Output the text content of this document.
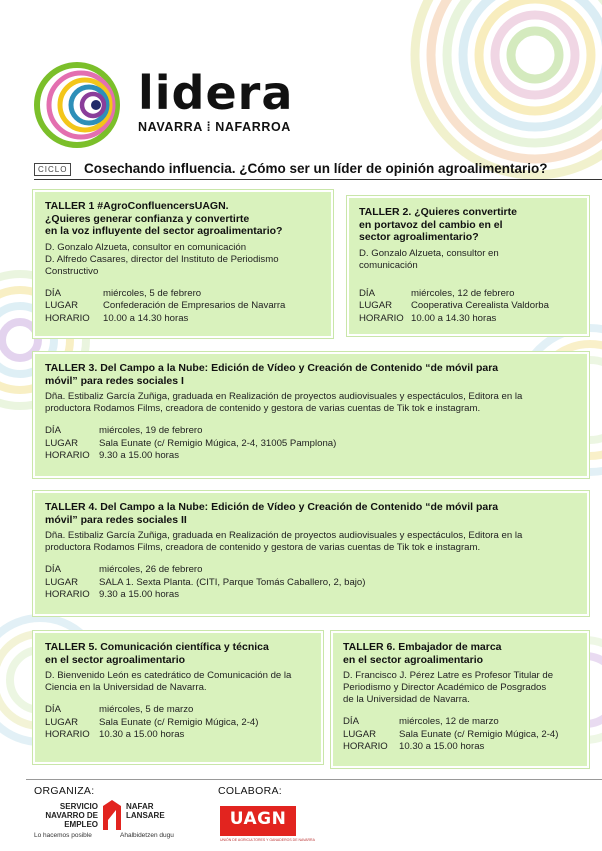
lidera
NAVARRA ⁞ NAFARROA
CICLO Cosechando influencia. ¿Cómo ser un líder de opinión agroalimentario?
TALLER 1 #AgroConfluencersUAGN.
¿Quieres generar confianza y convertirte
en la voz influyente del sector agroalimentario?
D. Gonzalo Alzueta, consultor en comunicación
D. Alfredo Casares, director del Instituto de Periodismo
Constructivo
DÍA	miércoles, 5 de febrero
LUGAR	Confederación de Empresarios de Navarra
HORARIO	10.00 a 14.30 horas
TALLER 2. ¿Quieres convertirte
en portavoz del cambio en el
sector agroalimentario?
D. Gonzalo Alzueta, consultor en
comunicación
DÍA	miércoles, 12 de febrero
LUGAR	Cooperativa Cerealista Valdorba
HORARIO 10.00 a 14.30 horas
TALLER 3. Del Campo a la Nube: Edición de Vídeo y Creación de Contenido “de móvil para
móvil” para redes sociales I
Dña. Estibaliz García Zuñiga, graduada en Realización de proyectos audiovisuales y espectáculos, Editora en la
productora Rodamos Films, creadora de contenido y gestora de varias cuentas de Tik tok e instagram.
DÍA	miércoles, 19 de febrero
LUGAR	Sala Eunate (c/ Remigio Múgica, 2-4, 31005 Pamplona)
HORARIO 9.30 a 15.00 horas
TALLER 4. Del Campo a la Nube: Edición de Vídeo y Creación de Contenido “de móvil para
móvil” para redes sociales II
Dña. Estibaliz García Zuñiga, graduada en Realización de proyectos audiovisuales y espectáculos, Editora en la
productora Rodamos Films, creadora de contenido y gestora de varias cuentas de Tik tok e instagram.
DÍA	miércoles, 26 de febrero
LUGAR	SALA 1. Sexta Planta. (CITI, Parque Tomás Caballero, 2, bajo)
HORARIO 9.30 a 15.00 horas
TALLER 5. Comunicación científica y técnica
en el sector agroalimentario
D. Bienvenido León es catedrático de Comunicación de la
Ciencia en la Universidad de Navarra.
DÍA	miércoles, 5 de marzo
LUGAR	Sala Eunate (c/ Remigio Múgica, 2-4)
HORARIO 10.30 a 15.00 horas
TALLER 6. Embajador de marca
en el sector agroalimentario
D. Francisco J. Pérez Latre es Profesor Titular de
Periodismo y Director Académico de Posgrados
de la Universidad de Navarra.
DÍA	miércoles, 12 de marzo
LUGAR	Sala Eunate (c/ Remigio Múgica, 2-4)
HORARIO	10.30 a 15.00 horas
ORGANIZA:	COLABORA:
SERVICIO
NAVARRO DE
EMPLEO
NAFAR
LANSARE
Lo hacemos posible	Ahalbidetzen dugu
UAGN
UNIÓN DE AGRICULTORES Y GANADEROS DE NAVARRA
